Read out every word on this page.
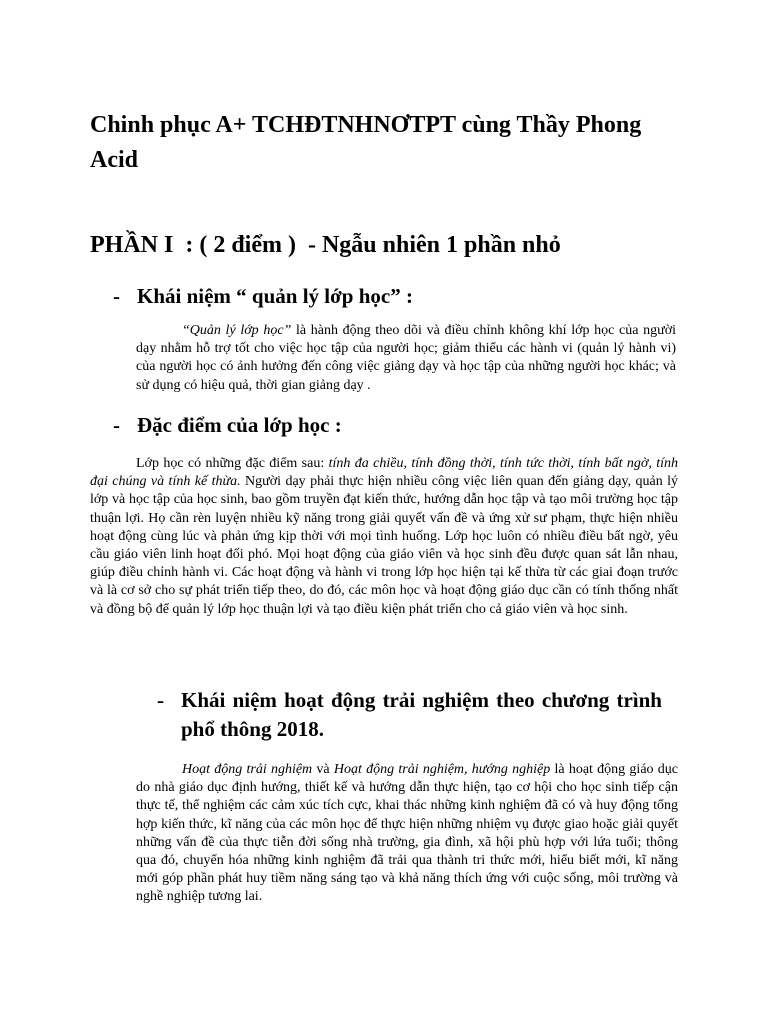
Chinh phục A+ TCHĐTNHNƠTPT cùng Thầy Phong Acid
PHẦN I  : ( 2 điểm )  - Ngẫu nhiên 1 phần nhỏ
- Khái niệm “ quản lý lớp học” :

“Quản lý lớp học” là hành động theo dõi và điều chỉnh không khí lớp học của người dạy nhằm hỗ trợ tốt cho việc học tập của người học; giảm thiểu các hành vi (quản lý hành vi) của người học có ảnh hưởng đến công việc giảng dạy và học tập của những người học khác; và sử dụng có hiệu quả, thời gian giảng dạy .

- Đặc điểm của lớp học :

Lớp học có những đặc điểm sau: tính đa chiều, tính đồng thời, tính tức thời, tính bất ngờ, tính đại chúng và tính kế thừa. Người dạy phải thực hiện nhiều công việc liên quan đến giảng dạy, quản lý lớp và học tập của học sinh, bao gồm truyền đạt kiến thức, hướng dẫn học tập và tạo môi trường học tập thuận lợi. Họ cần rèn luyện nhiều kỹ năng trong giải quyết vấn đề và ứng xử sư phạm, thực hiện nhiều hoạt động cùng lúc và phản ứng kịp thời với mọi tình huống. Lớp học luôn có nhiều điều bất ngờ, yêu cầu giáo viên linh hoạt đối phó. Mọi hoạt động của giáo viên và học sinh đều được quan sát lẫn nhau, giúp điều chỉnh hành vi. Các hoạt động và hành vi trong lớp học hiện tại kế thừa từ các giai đoạn trước và là cơ sở cho sự phát triển tiếp theo, do đó, các môn học và hoạt động giáo dục cần có tính thống nhất và đồng bộ để quản lý lớp học thuận lợi và tạo điều kiện phát triển cho cả giáo viên và học sinh.

- Khái niệm hoạt động trải nghiệm theo chương trình phổ thông 2018.

Hoạt động trải nghiệm và Hoạt động trải nghiệm, hướng nghiệp là hoạt động giáo dục do nhà giáo dục định hướng, thiết kế và hướng dẫn thực hiện, tạo cơ hội cho học sinh tiếp cận thực tế, thể nghiệm các cảm xúc tích cực, khai thác những kinh nghiệm đã có và huy động tổng hợp kiến thức, kĩ năng của các môn học để thực hiện những nhiệm vụ được giao hoặc giải quyết những vấn đề của thực tiễn đời sống nhà trường, gia đình, xã hội phù hợp với lứa tuổi; thông qua đó, chuyển hóa những kinh nghiệm đã trải qua thành tri thức mới, hiểu biết mới, kĩ năng mới góp phần phát huy tiềm năng sáng tạo và khả năng thích ứng với cuộc sống, môi trường và nghề nghiệp tương lai.
